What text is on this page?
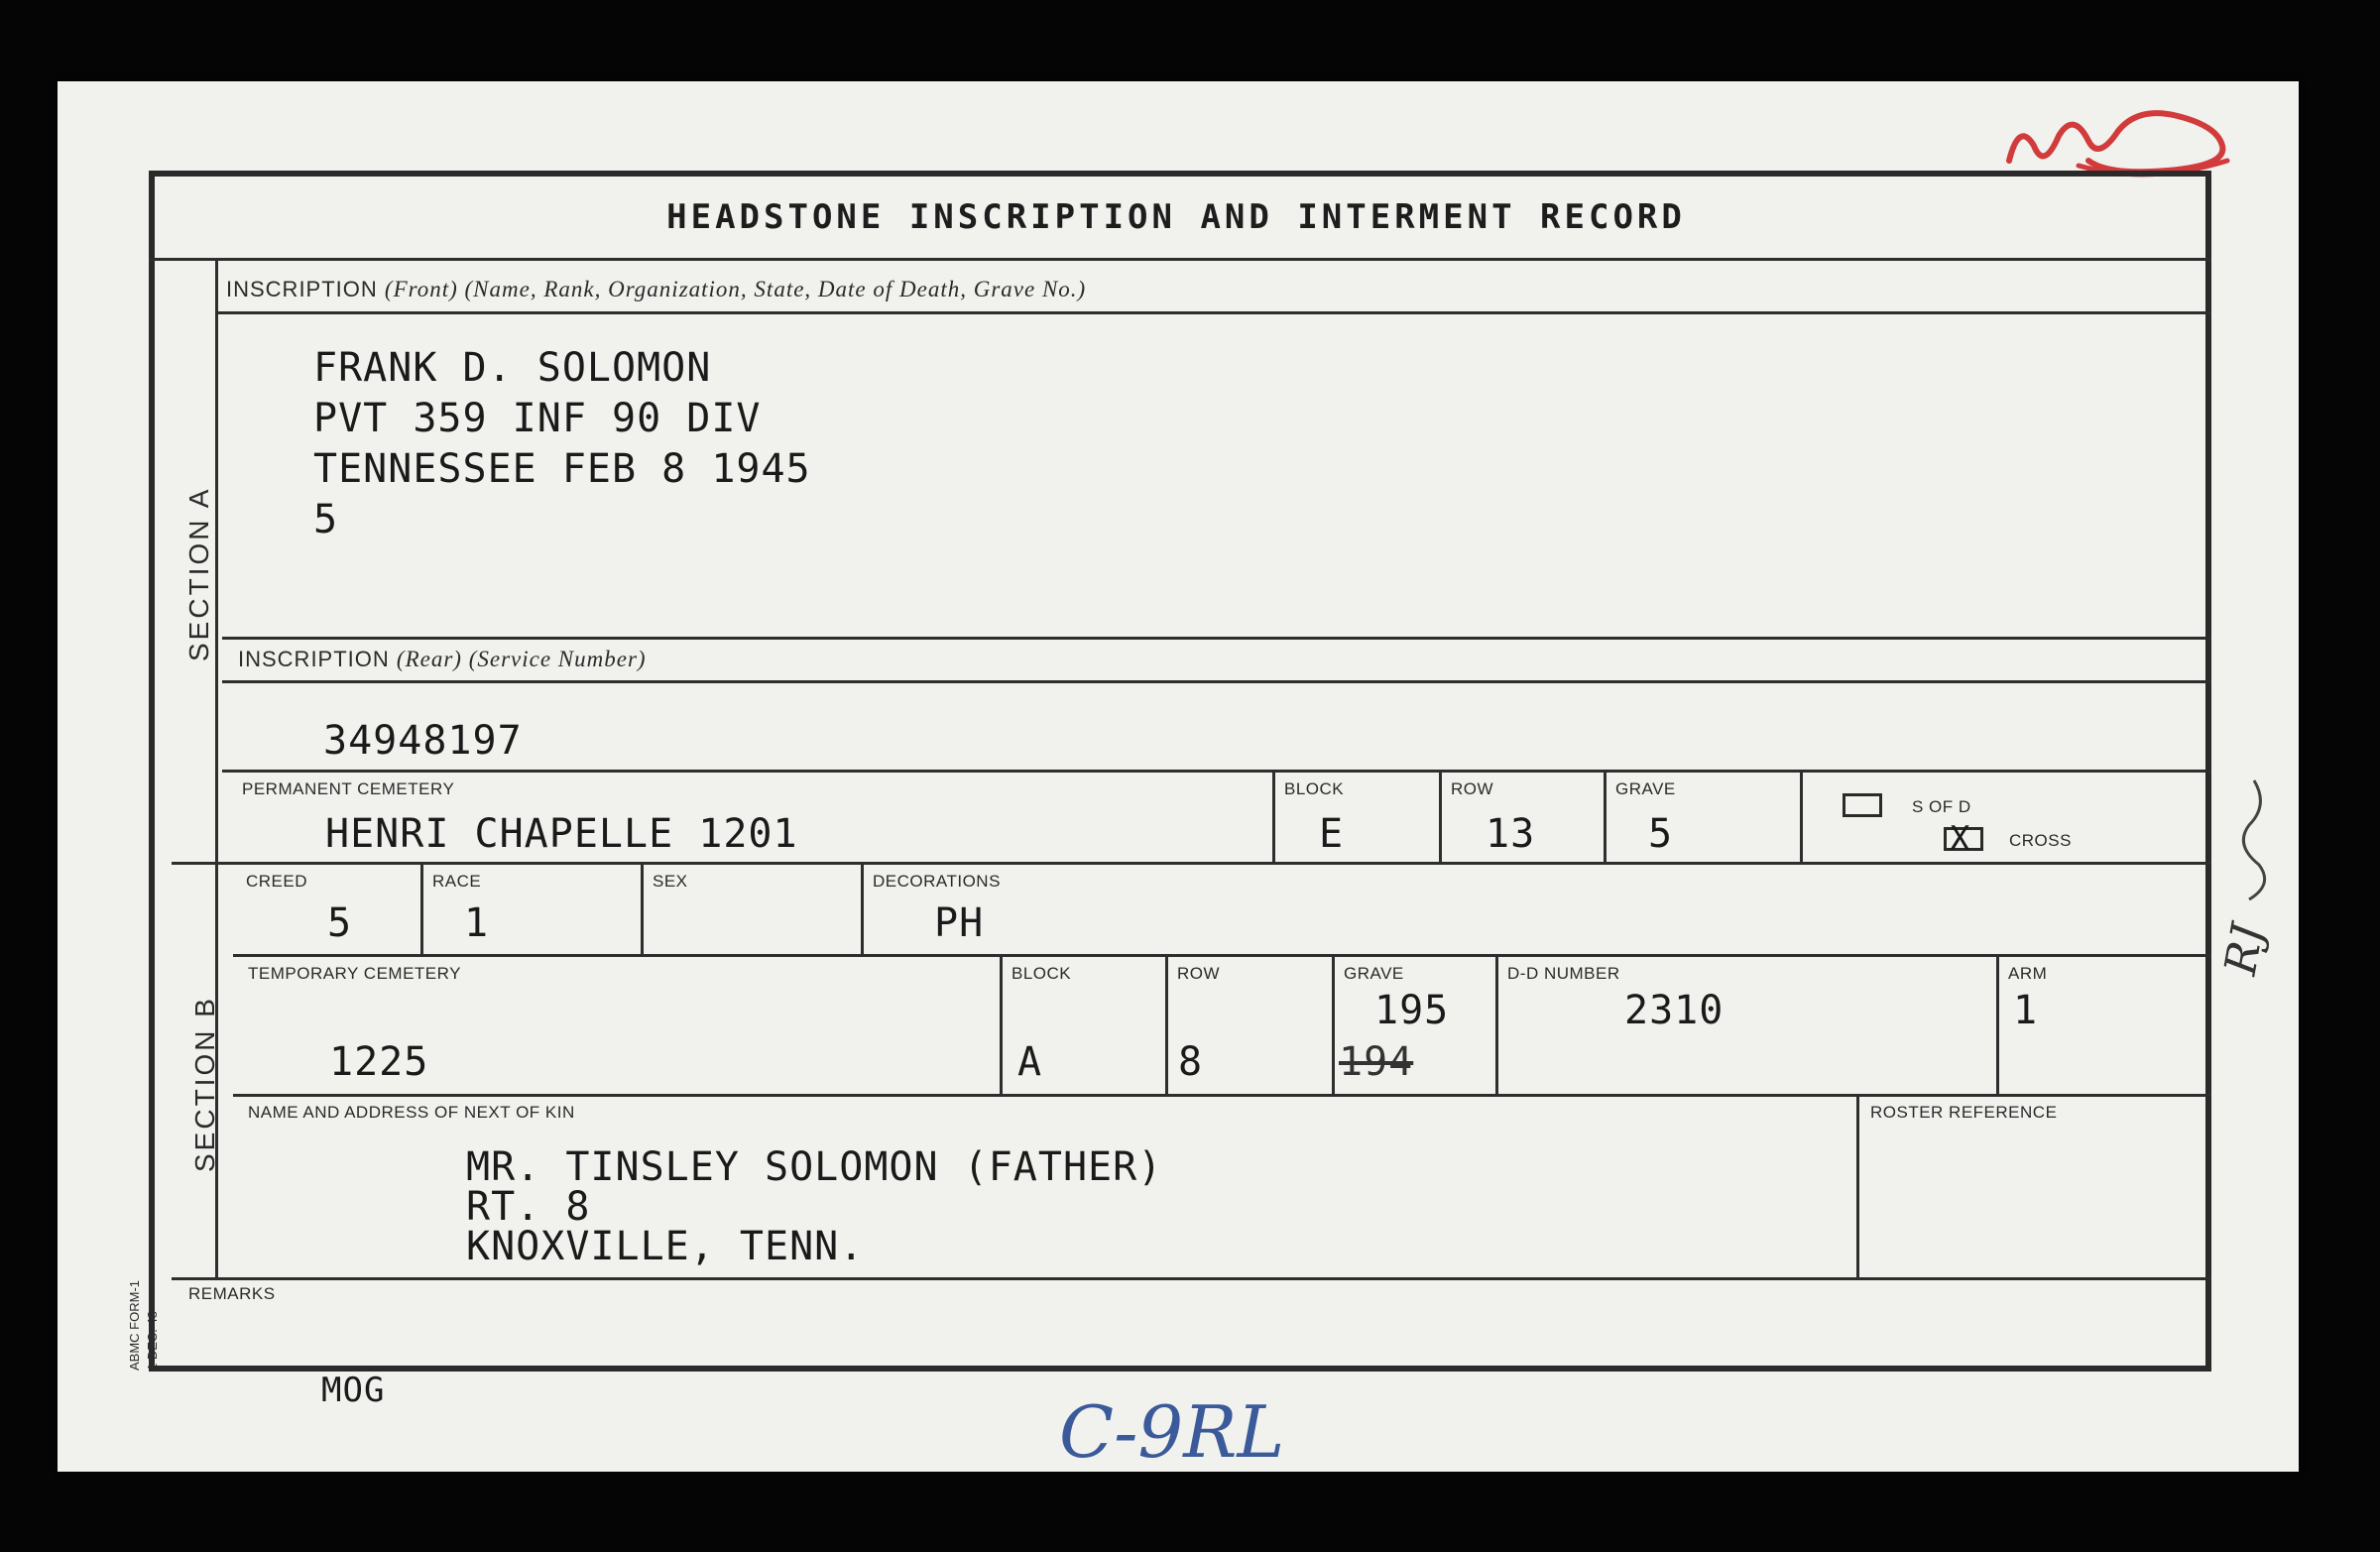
HEADSTONE INSCRIPTION AND INTERMENT RECORD
SECTION A
SECTION B
ABMC FORM-1 1 DEC. 48
INSCRIPTION (Front) (Name, Rank, Organization, State, Date of Death, Grave No.)
FRANK D. SOLOMON
PVT 359 INF 90 DIV
TENNESSEE FEB 8 1945
5
INSCRIPTION (Rear) (Service Number)
34948197
PERMANENT CEMETERY
HENRI CHAPELLE 1201
BLOCK
E
ROW
13
GRAVE
5
S OF D
X CROSS
CREED
5
RACE
1
SEX	DECORATIONS
PH
TEMPORARY CEMETERY
1225
BLOCK
A
ROW
8
GRAVE
195
194
D-D NUMBER
2310
ARM
1
NAME AND ADDRESS OF NEXT OF KIN
MR. TINSLEY SOLOMON (FATHER)
RT. 8
KNOXVILLE, TENN.
ROSTER REFERENCE
REMARKS
MOG	C-9RL
RJ
